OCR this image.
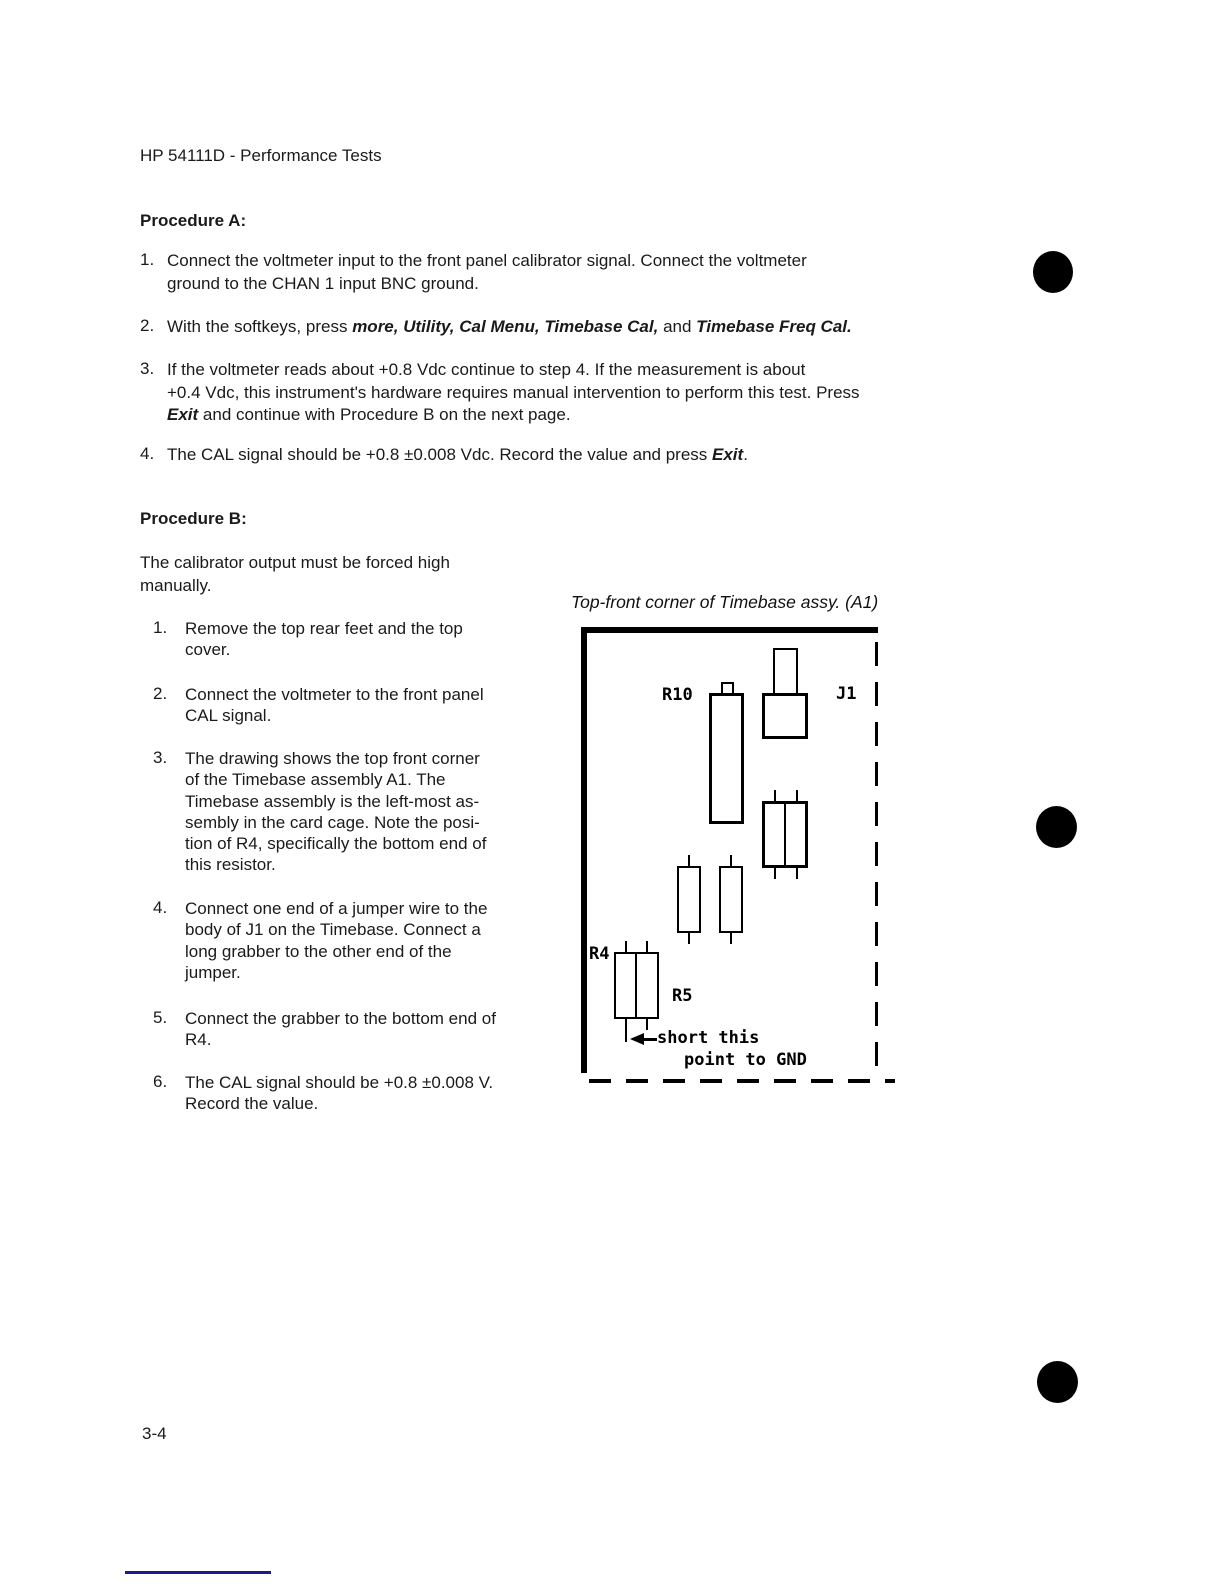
HP 54111D - Performance Tests
Procedure A:
1. Connect the voltmeter input to the front panel calibrator signal. Connect the voltmeter
ground to the CHAN 1 input BNC ground.
2. With the softkeys, press more, Utility, Cal Menu, Timebase Cal, and Timebase Freq Cal.
3. If the voltmeter reads about +0.8 Vdc continue to step 4. If the measurement is about
+0.4 Vdc, this instrument's hardware requires manual intervention to perform this test. Press
Exit and continue with Procedure B on the next page.
4. The CAL signal should be +0.8 ±0.008 Vdc. Record the value and press Exit.
Procedure B:
The calibrator output must be forced high
manually.
1. Remove the top rear feet and the top
cover.
2. Connect the voltmeter to the front panel
CAL signal.
3. The drawing shows the top front corner
of the Timebase assembly A1. The
Timebase assembly is the left-most as-
sembly in the card cage. Note the posi-
tion of R4, specifically the bottom end of
this resistor.
4. Connect one end of a jumper wire to the
body of J1 on the Timebase. Connect a
long grabber to the other end of the
jumper.
5. Connect the grabber to the bottom end of
R4.
6. The CAL signal should be +0.8 ±0.008 V.
Record the value.
Top-front corner of Timebase assy. (A1)
R10	J1
R4
R5
short this
point to GND
3-4
